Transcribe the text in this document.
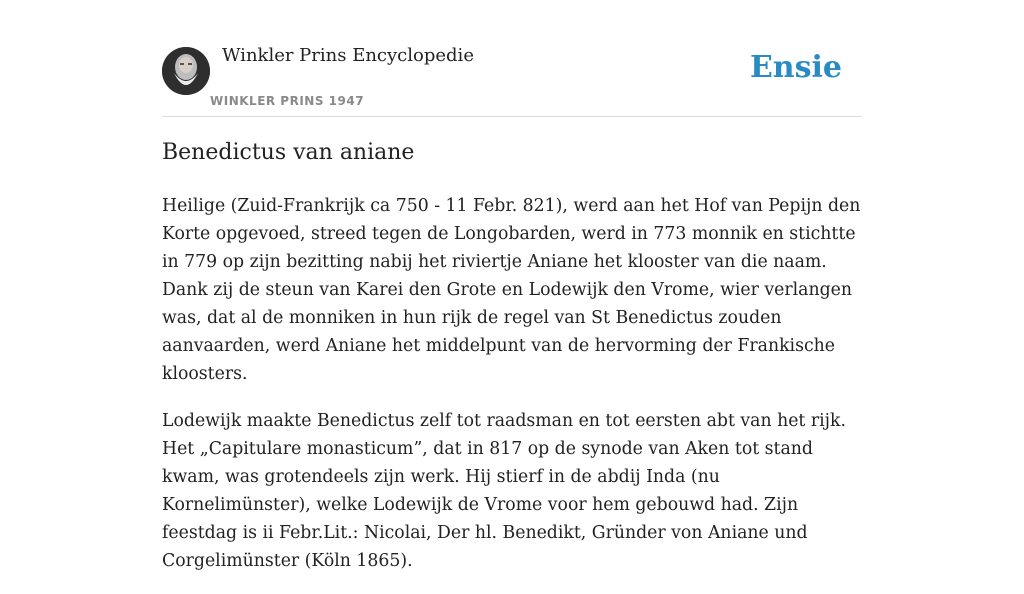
Winkler Prins Encyclopedie
WINKLER PRINS 1947
Ensie
Benedictus van aniane

Heilige (Zuid-Frankrijk ca 750 - 11 Febr. 821), werd aan het Hof van Pepijn den Korte opgevoed, streed tegen de Longobarden, werd in 773 monnik en stichtte in 779 op zijn bezitting nabij het riviertje Aniane het klooster van die naam. Dank zij de steun van Karei den Grote en Lodewijk den Vrome, wier verlangen was, dat al de monniken in hun rijk de regel van St Benedictus zouden aanvaarden, werd Aniane het middelpunt van de hervorming der Frankische kloosters.

Lodewijk maakte Benedictus zelf tot raadsman en tot eersten abt van het rijk. Het „Capitulare monasticum”, dat in 817 op de synode van Aken tot stand kwam, was grotendeels zijn werk. Hij stierf in de abdij Inda (nu Kornelimünster), welke Lodewijk de Vrome voor hem gebouwd had. Zijn feestdag is ii Febr.Lit.: Nicolai, Der hl. Benedikt, Gründer von Aniane und Corgelimünster (Köln 1865).
